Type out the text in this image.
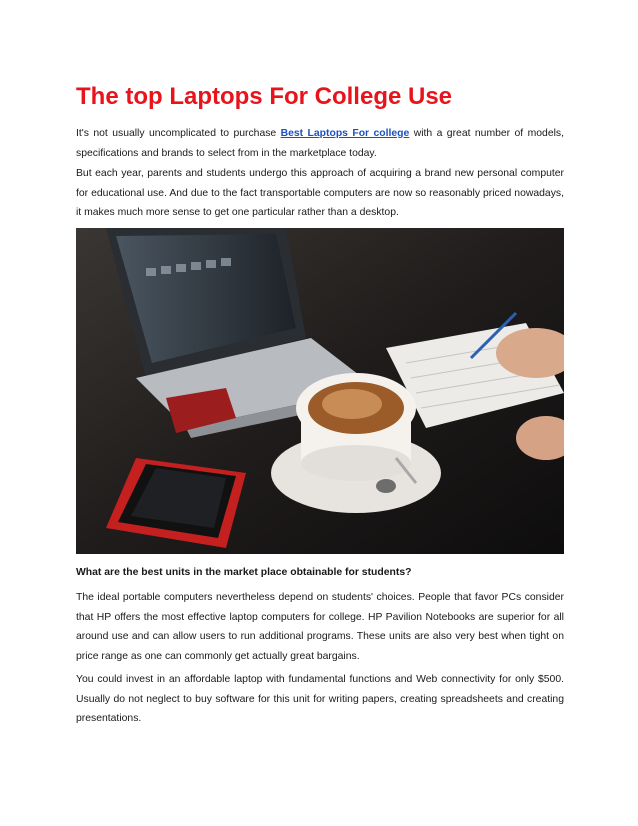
The top Laptops For College Use

It's not usually uncomplicated to purchase Best Laptops For college with a great number of models, specifications and brands to select from in the marketplace today.

But each year, parents and students undergo this approach of acquiring a brand new personal computer for educational use. And due to the fact transportable computers are now so reasonably priced nowadays, it makes much more sense to get one particular rather than a desktop.

What are the best units in the market place obtainable for students?

The ideal portable computers nevertheless depend on students' choices. People that favor PCs consider that HP offers the most effective laptop computers for college. HP Pavilion Notebooks are superior for all around use and can allow users to run additional programs. These units are also very best when tight on price range as one can commonly get actually great bargains.

You could invest in an affordable laptop with fundamental functions and Web connectivity for only $500. Usually do not neglect to buy software for this unit for writing papers, creating spreadsheets and creating presentations.
